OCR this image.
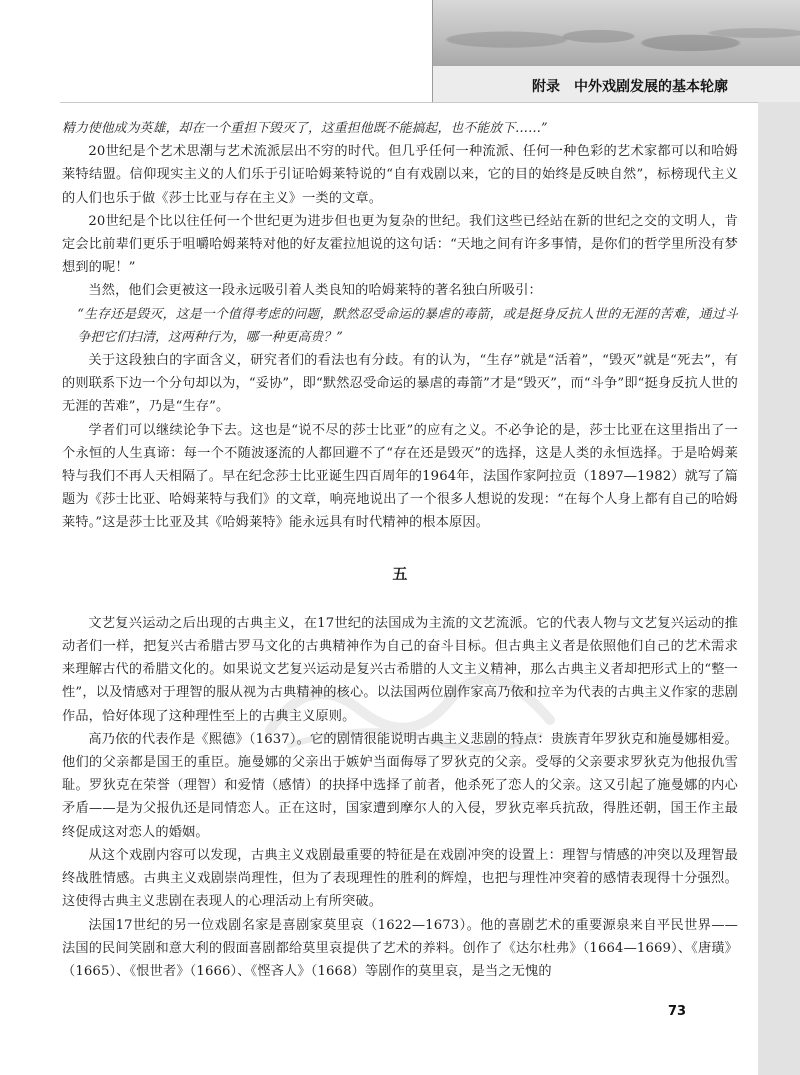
附录　中外戏剧发展的基本轮廓

精力使他成为英雄，却在一个重担下毁灭了，这重担他既不能搞起，也不能放下……”

20世纪是个艺术思潮与艺术流派层出不穷的时代。但几乎任何一种流派、任何一种色彩的艺术家都可以和哈姆莱特结盟。信仰现实主义的人们乐于引证哈姆莱特说的“自有戏剧以来，它的目的始终是反映自然”，标榜现代主义的人们也乐于做《莎士比亚与存在主义》一类的文章。

20世纪是个比以往任何一个世纪更为进步但也更为复杂的世纪。我们这些已经站在新的世纪之交的文明人，肯定会比前辈们更乐于咀嚼哈姆莱特对他的好友霍拉旭说的这句话：“天地之间有许多事情，是你们的哲学里所没有梦想到的呢！”

当然，他们会更被这一段永远吸引着人类良知的哈姆莱特的著名独白所吸引：

“生存还是毁灭，这是一个值得考虑的问题，默然忍受命运的暴虐的毒箭，或是挺身反抗人世的无涯的苦难，通过斗争把它们扫清，这两种行为，哪一种更高贵？”

关于这段独白的字面含义，研究者们的看法也有分歧。有的认为，“生存”就是“活着”，“毁灭”就是“死去”，有的则联系下边一个分句却以为，“妥协”，即“默然忍受命运的暴虐的毒箭”才是“毁灭”，而“斗争”即“挺身反抗人世的无涯的苦难”，乃是“生存”。

学者们可以继续论争下去。这也是“说不尽的莎士比亚”的应有之义。不必争论的是，莎士比亚在这里指出了一个永恒的人生真谛：每一个不随波逐流的人都回避不了“存在还是毁灭”的选择，这是人类的永恒选择。于是哈姆莱特与我们不再人天相隔了。早在纪念莎士比亚诞生四百周年的1964年，法国作家阿拉贡（1897—1982）就写了篇题为《莎士比亚、哈姆莱特与我们》的文章，响亮地说出了一个很多人想说的发现：“在每个人身上都有自己的哈姆莱特。”这是莎士比亚及其《哈姆莱特》能永远具有时代精神的根本原因。

五

文艺复兴运动之后出现的古典主义，在17世纪的法国成为主流的文艺流派。它的代表人物与文艺复兴运动的推动者们一样，把复兴古希腊古罗马文化的古典精神作为自己的奋斗目标。但古典主义者是依照他们自己的艺术需求来理解古代的希腊文化的。如果说文艺复兴运动是复兴古希腊的人文主义精神，那么古典主义者却把形式上的“整一性”，以及情感对于理智的服从视为古典精神的核心。以法国两位剧作家高乃依和拉辛为代表的古典主义作家的悲剧作品，恰好体现了这种理性至上的古典主义原则。

高乃依的代表作是《熙德》（1637）。它的剧情很能说明古典主义悲剧的特点：贵族青年罗狄克和施曼娜相爱。他们的父亲都是国王的重臣。施曼娜的父亲出于嫉妒当面侮辱了罗狄克的父亲。受辱的父亲要求罗狄克为他报仇雪耻。罗狄克在荣誉（理智）和爱情（感情）的抉择中选择了前者，他杀死了恋人的父亲。这又引起了施曼娜的内心矛盾——是为父报仇还是同情恋人。正在这时，国家遭到摩尔人的入侵，罗狄克率兵抗敌，得胜还朝，国王作主最终促成这对恋人的婚姻。

从这个戏剧内容可以发现，古典主义戏剧最重要的特征是在戏剧冲突的设置上：理智与情感的冲突以及理智最终战胜情感。古典主义戏剧崇尚理性，但为了表现理性的胜利的辉煌，也把与理性冲突着的感情表现得十分强烈。这使得古典主义悲剧在表现人的心理活动上有所突破。

法国17世纪的另一位戏剧名家是喜剧家莫里哀（1622—1673）。他的喜剧艺术的重要源泉来自平民世界——法国的民间笑剧和意大利的假面喜剧都给莫里哀提供了艺术的养料。创作了《达尔杜弗》（1664—1669）、《唐璜》（1665）、《恨世者》（1666）、《悭吝人》（1668）等剧作的莫里哀，是当之无愧的

73
